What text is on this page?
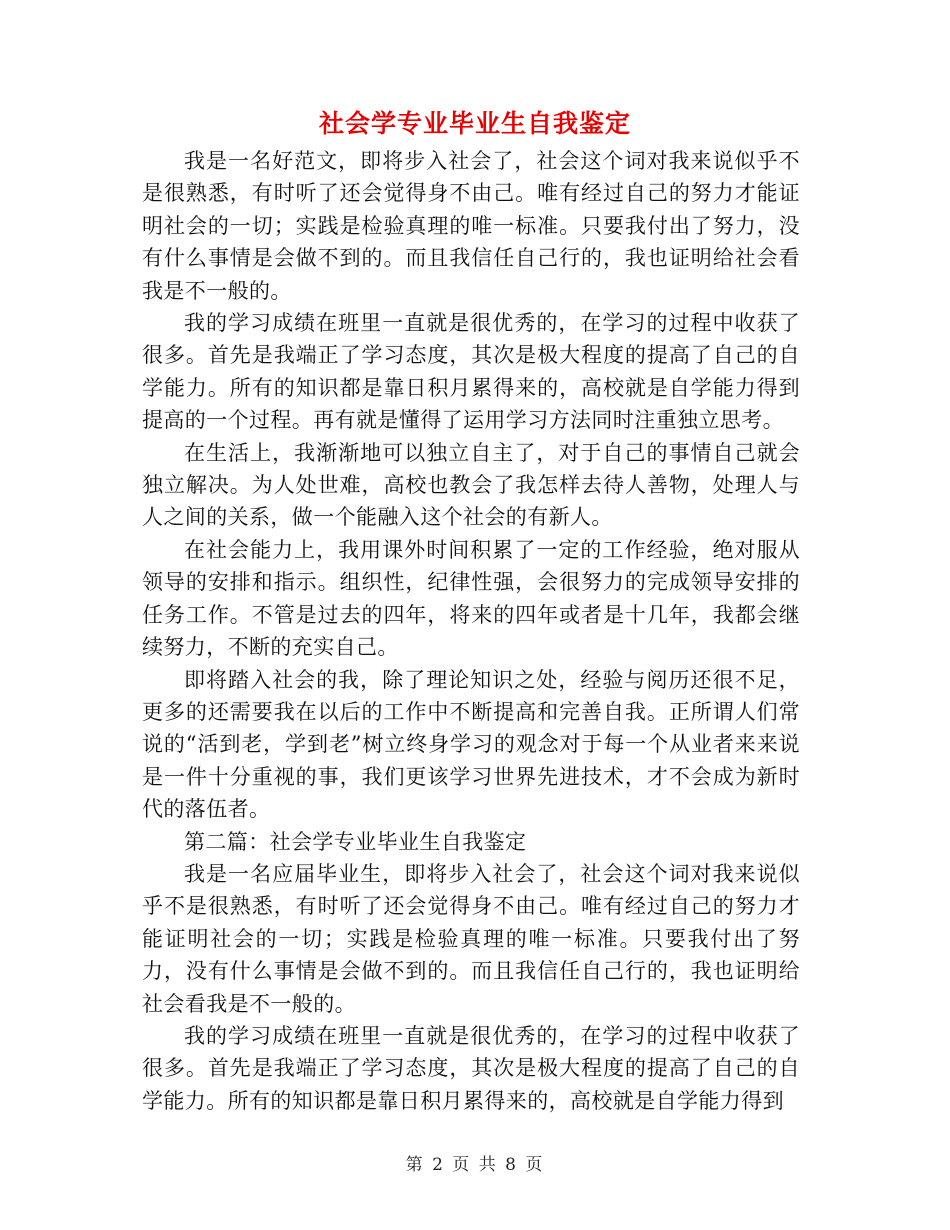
社会学专业毕业生自我鉴定

我是一名好范文，即将步入社会了，社会这个词对我来说似乎不是很熟悉，有时听了还会觉得身不由己。唯有经过自己的努力才能证明社会的一切；实践是检验真理的唯一标准。只要我付出了努力，没有什么事情是会做不到的。而且我信任自己行的，我也证明给社会看我是不一般的。

我的学习成绩在班里一直就是很优秀的，在学习的过程中收获了很多。首先是我端正了学习态度，其次是极大程度的提高了自己的自学能力。所有的知识都是靠日积月累得来的，高校就是自学能力得到提高的一个过程。再有就是懂得了运用学习方法同时注重独立思考。

在生活上，我渐渐地可以独立自主了，对于自己的事情自己就会独立解决。为人处世难，高校也教会了我怎样去待人善物，处理人与人之间的关系，做一个能融入这个社会的有新人。

在社会能力上，我用课外时间积累了一定的工作经验，绝对服从领导的安排和指示。组织性，纪律性强，会很努力的完成领导安排的任务工作。不管是过去的四年，将来的四年或者是十几年，我都会继续努力，不断的充实自己。

即将踏入社会的我，除了理论知识之处，经验与阅历还很不足，更多的还需要我在以后的工作中不断提高和完善自我。正所谓人们常说的“活到老，学到老”树立终身学习的观念对于每一个从业者来来说是一件十分重视的事，我们更该学习世界先进技术，才不会成为新时代的落伍者。

第二篇：社会学专业毕业生自我鉴定

我是一名应届毕业生，即将步入社会了，社会这个词对我来说似乎不是很熟悉，有时听了还会觉得身不由己。唯有经过自己的努力才能证明社会的一切；实践是检验真理的唯一标准。只要我付出了努力，没有什么事情是会做不到的。而且我信任自己行的，我也证明给社会看我是不一般的。

我的学习成绩在班里一直就是很优秀的，在学习的过程中收获了很多。首先是我端正了学习态度，其次是极大程度的提高了自己的自学能力。所有的知识都是靠日积月累得来的，高校就是自学能力得到

第 2 页 共 8 页
